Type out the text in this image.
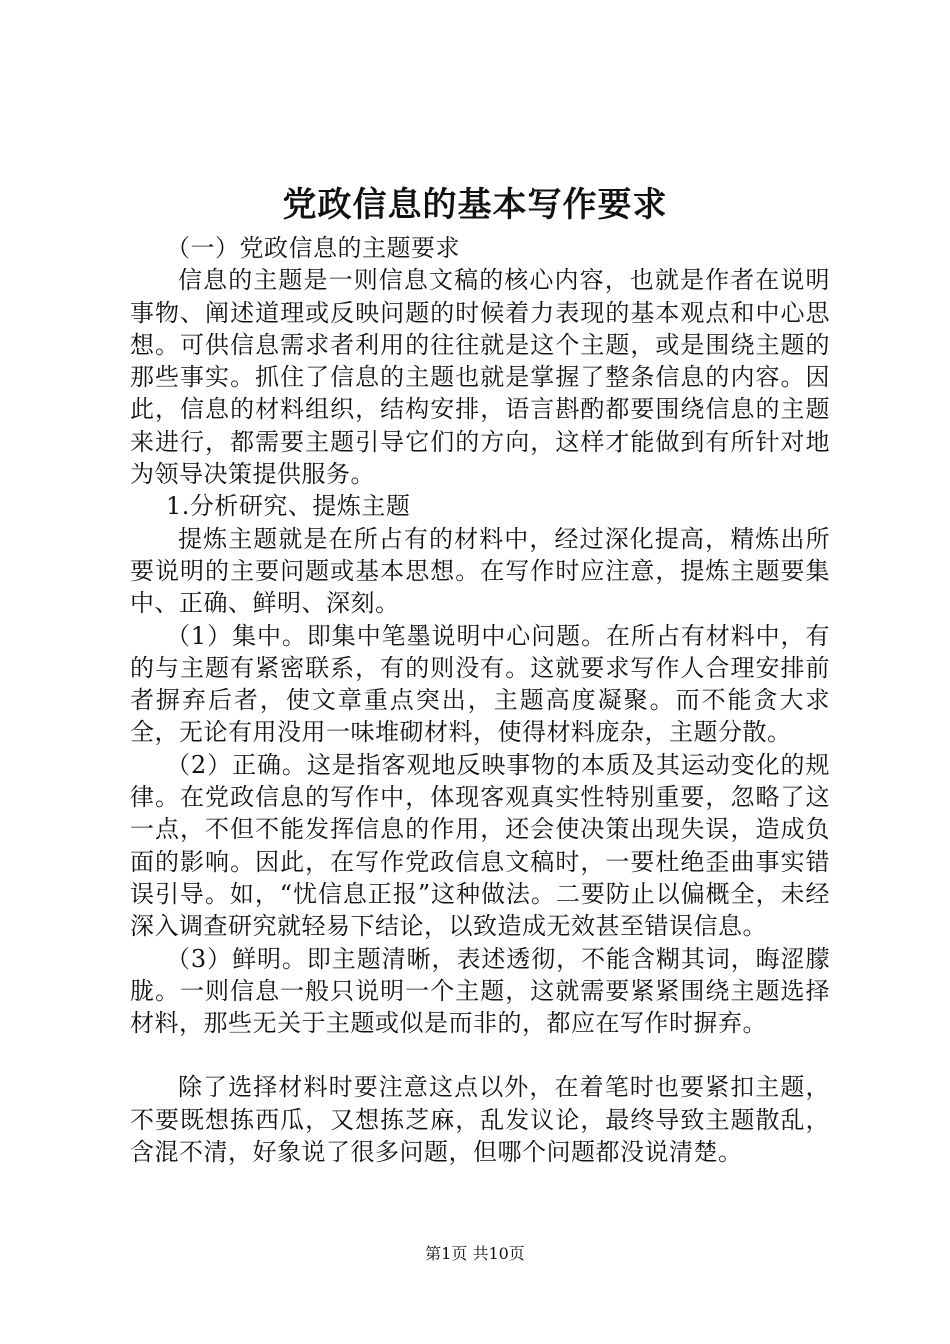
党政信息的基本写作要求

（一）党政信息的主题要求

信息的主题是一则信息文稿的核心内容，也就是作者在说明事物、阐述道理或反映问题的时候着力表现的基本观点和中心思想。可供信息需求者利用的往往就是这个主题，或是围绕主题的那些事实。抓住了信息的主题也就是掌握了整条信息的内容。因此，信息的材料组织，结构安排，语言斟酌都要围绕信息的主题来进行，都需要主题引导它们的方向，这样才能做到有所针对地为领导决策提供服务。

1.分析研究、提炼主题

提炼主题就是在所占有的材料中，经过深化提高，精炼出所要说明的主要问题或基本思想。在写作时应注意，提炼主题要集中、正确、鲜明、深刻。

（1）集中。即集中笔墨说明中心问题。在所占有材料中，有的与主题有紧密联系，有的则没有。这就要求写作人合理安排前者摒弃后者，使文章重点突出，主题高度凝聚。而不能贪大求全，无论有用没用一味堆砌材料，使得材料庞杂，主题分散。

（2）正确。这是指客观地反映事物的本质及其运动变化的规律。在党政信息的写作中，体现客观真实性特别重要，忽略了这一点，不但不能发挥信息的作用，还会使决策出现失误，造成负面的影响。因此，在写作党政信息文稿时，一要杜绝歪曲事实错误引导。如，“忧信息正报”这种做法。二要防止以偏概全，未经深入调查研究就轻易下结论，以致造成无效甚至错误信息。

（3）鲜明。即主题清晰，表述透彻，不能含糊其词，晦涩朦胧。一则信息一般只说明一个主题，这就需要紧紧围绕主题选择材料，那些无关于主题或似是而非的，都应在写作时摒弃。

除了选择材料时要注意这点以外，在着笔时也要紧扣主题，不要既想拣西瓜，又想拣芝麻，乱发议论，最终导致主题散乱，含混不清，好象说了很多问题，但哪个问题都没说清楚。

第1页 共10页
